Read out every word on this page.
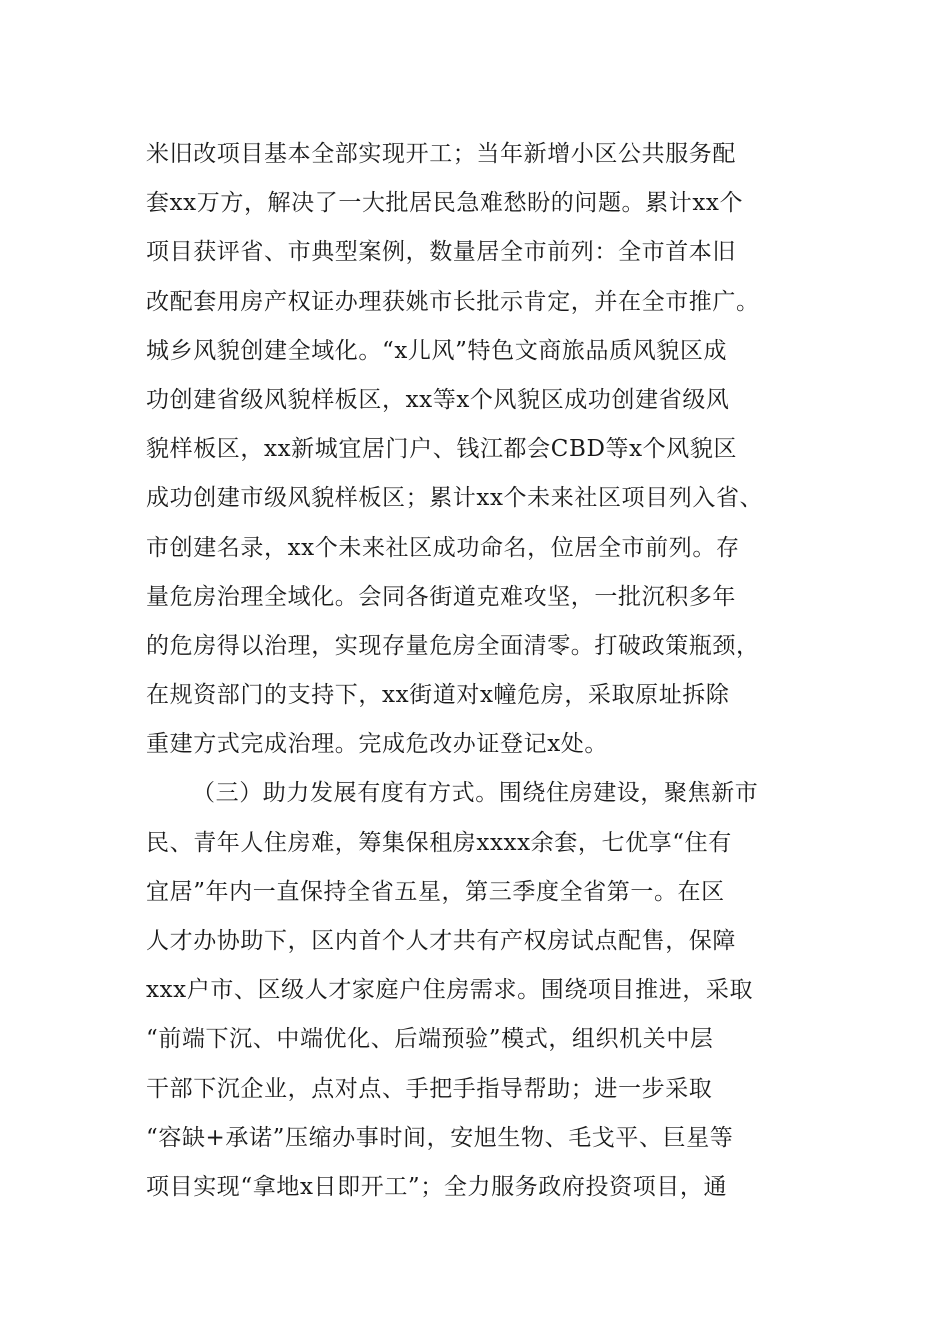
米旧改项目基本全部实现开工；当年新增小区公共服务配
套xx万方，解决了一大批居民急难愁盼的问题。累计xx个
项目获评省、市典型案例，数量居全市前列：全市首本旧
改配套用房产权证办理获姚市长批示肯定，并在全市推广。
城乡风貌创建全域化。“x儿风”特色文商旅品质风貌区成
功创建省级风貌样板区，xx等x个风貌区成功创建省级风
貌样板区，xx新城宜居门户、钱江都会CBD等x个风貌区
成功创建市级风貌样板区；累计xx个未来社区项目列入省、
市创建名录，xx个未来社区成功命名，位居全市前列。存
量危房治理全域化。会同各街道克难攻坚，一批沉积多年
的危房得以治理，实现存量危房全面清零。打破政策瓶颈，
在规资部门的支持下，xx街道对x幢危房，采取原址拆除
重建方式完成治理。完成危改办证登记x处。
（三）助力发展有度有方式。围绕住房建设，聚焦新市
民、青年人住房难，筹集保租房xxxx余套，七优享“住有
宜居”年内一直保持全省五星，第三季度全省第一。在区
人才办协助下，区内首个人才共有产权房试点配售，保障
xxx户市、区级人才家庭户住房需求。围绕项目推进，采取
“前端下沉、中端优化、后端预验”模式，组织机关中层
干部下沉企业，点对点、手把手指导帮助；进一步采取
“容缺+承诺”压缩办事时间，安旭生物、毛戈平、巨星等
项目实现“拿地x日即开工”；全力服务政府投资项目，通
